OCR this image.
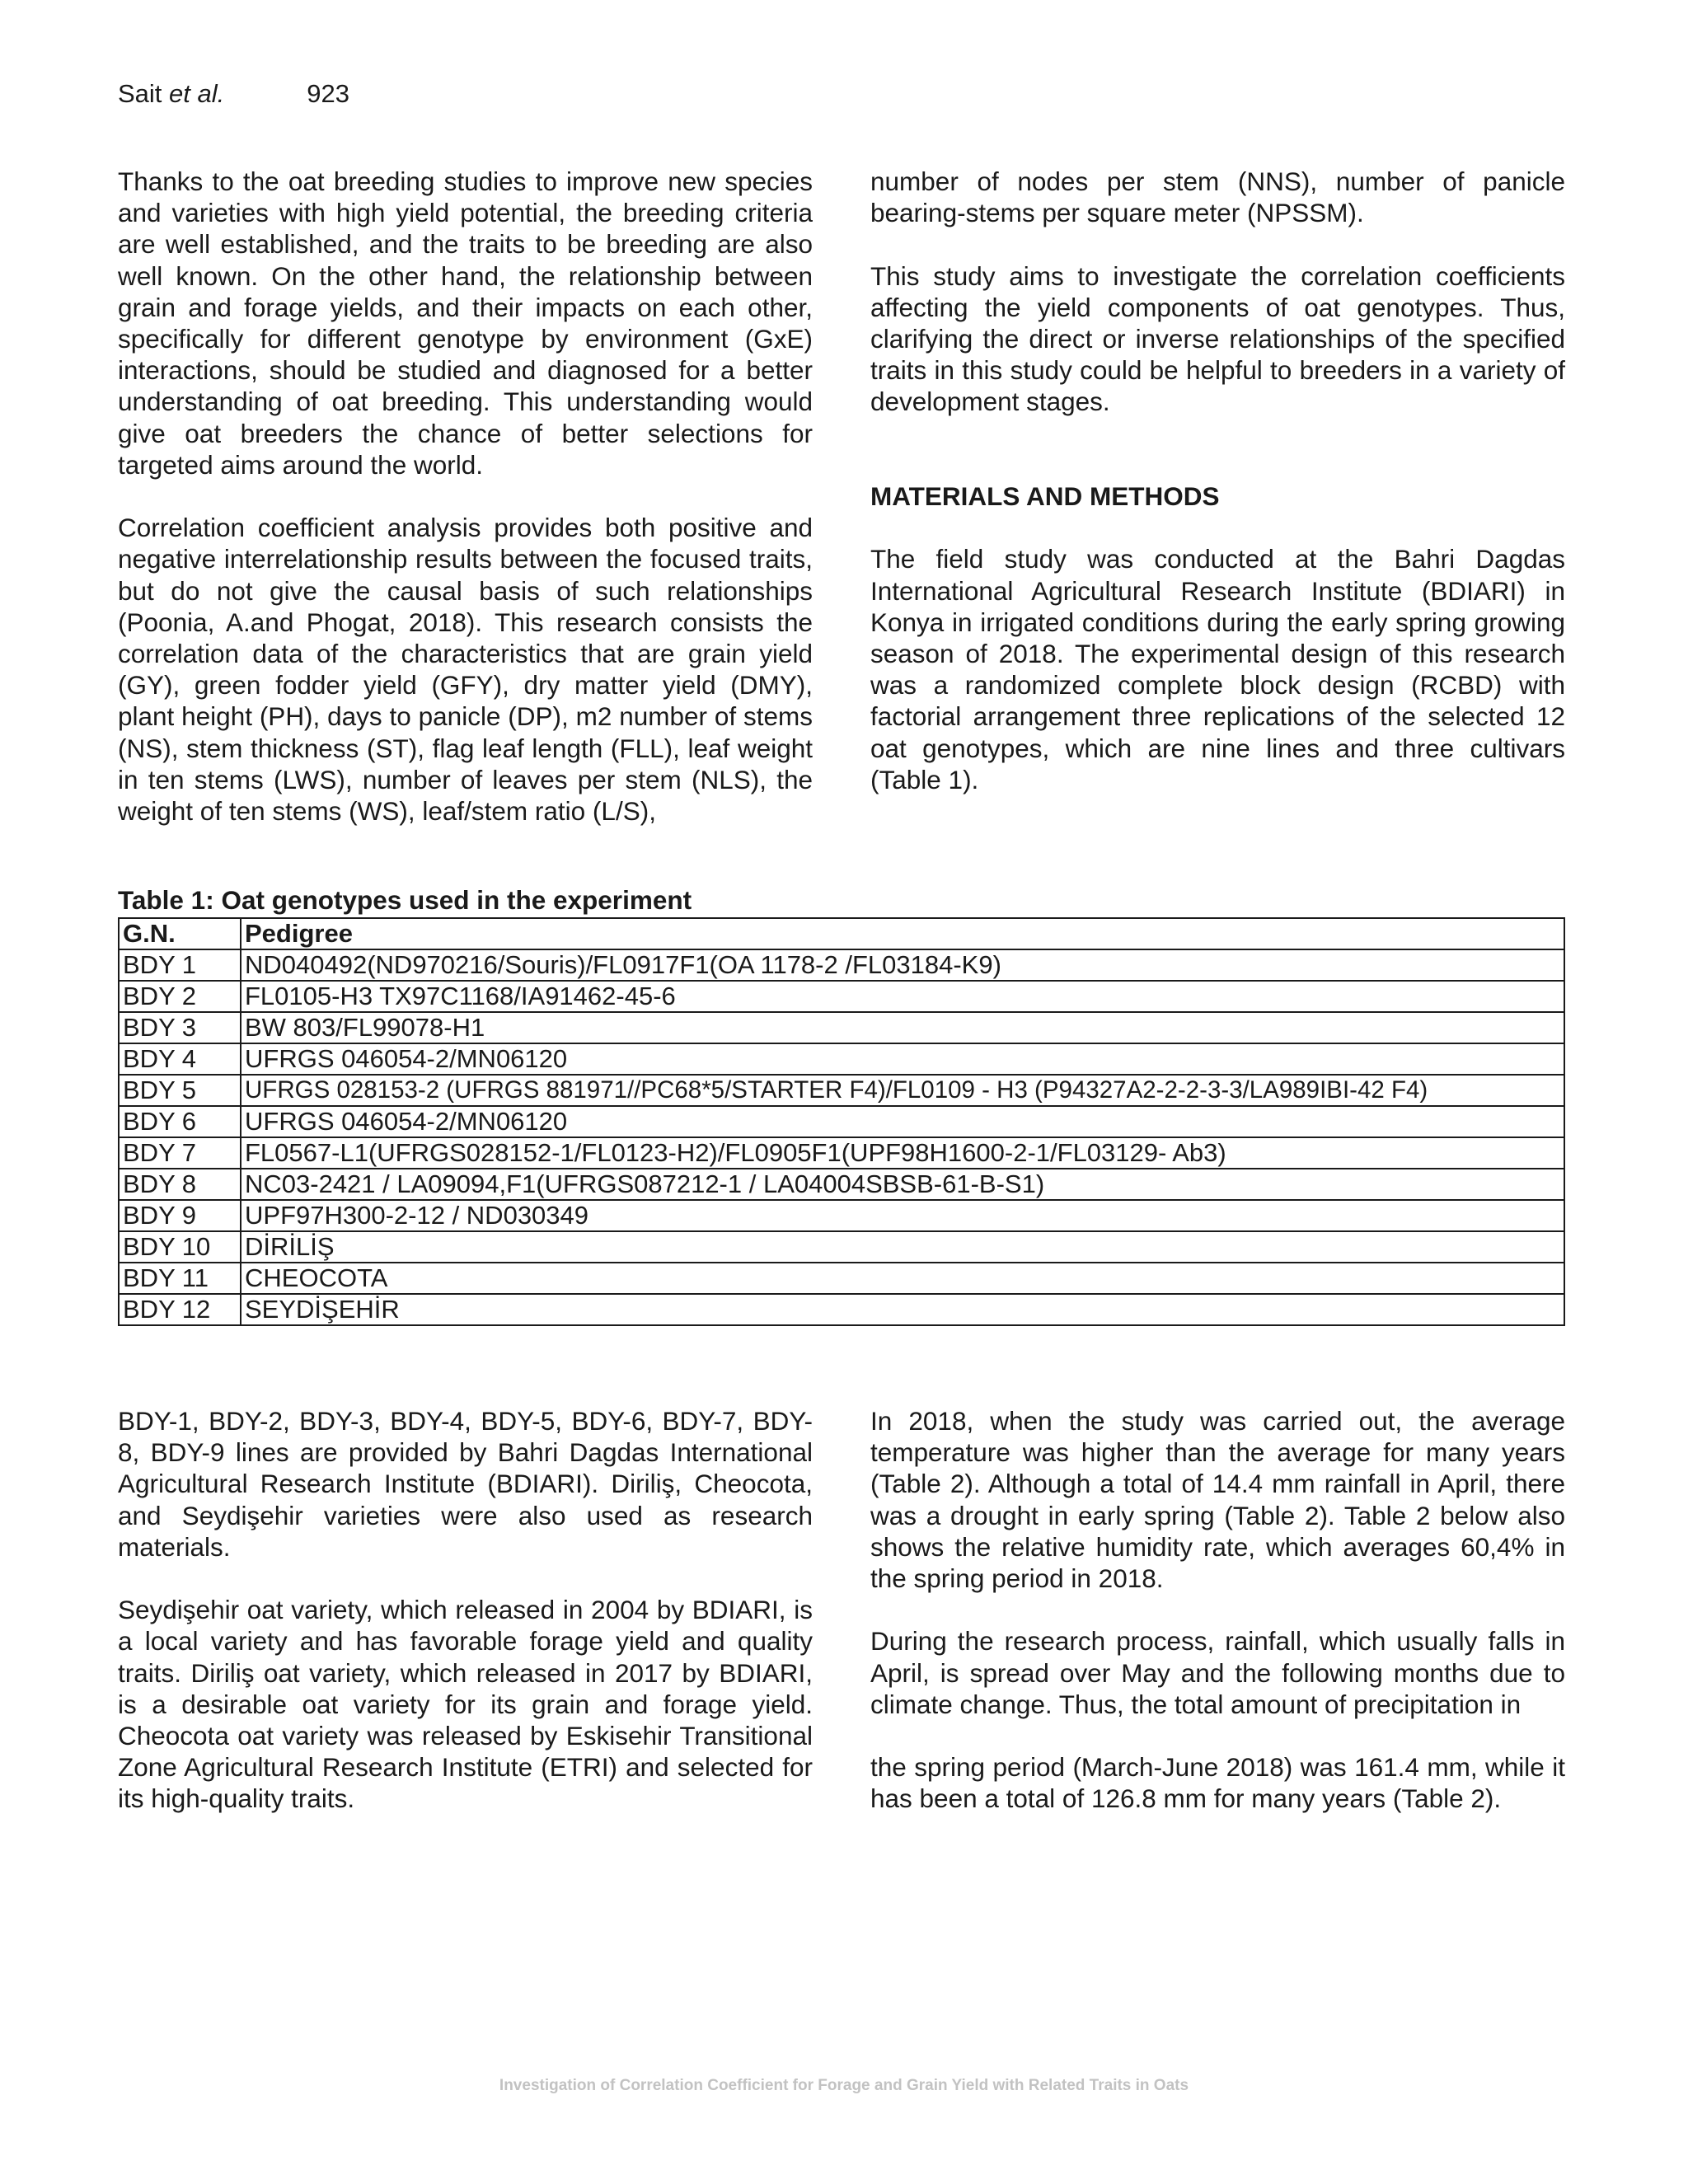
Sait et al.	923

Thanks to the oat breeding studies to improve new species and varieties with high yield potential, the breeding criteria are well established, and the traits to be breeding are also well known. On the other hand, the relationship between grain and forage yields, and their impacts on each other, specifically for different genotype by environment (GxE) interactions, should be studied and diagnosed for a better understanding of oat breeding. This understanding would give oat breeders the chance of better selections for targeted aims around the world.

Correlation coefficient analysis provides both positive and negative interrelationship results between the focused traits, but do not give the causal basis of such relationships (Poonia, A.and Phogat, 2018). This research consists the correlation data of the characteristics that are grain yield (GY), green fodder yield (GFY), dry matter yield (DMY), plant height (PH), days to panicle (DP), m2 number of stems (NS), stem thickness (ST), flag leaf length (FLL), leaf weight in ten stems (LWS), number of leaves per stem (NLS), the weight of ten stems (WS), leaf/stem ratio (L/S),

number of nodes per stem (NNS), number of panicle bearing-stems per square meter (NPSSM).

This study aims to investigate the correlation coefficients affecting the yield components of oat genotypes. Thus, clarifying the direct or inverse relationships of the specified traits in this study could be helpful to breeders in a variety of development stages.

MATERIALS AND METHODS

The field study was conducted at the Bahri Dagdas International Agricultural Research Institute (BDIARI) in Konya in irrigated conditions during the early spring growing season of 2018. The experimental design of this research was a randomized complete block design (RCBD) with factorial arrangement three replications of the selected 12 oat genotypes, which are nine lines and three cultivars (Table 1).

Table 1: Oat genotypes used in the experiment
G.N.	Pedigree
BDY 1	ND040492(ND970216/Souris)/FL0917F1(OA 1178-2 /FL03184-K9)
BDY 2	FL0105-H3 TX97C1168/IA91462-45-6
BDY 3	BW 803/FL99078-H1
BDY 4	UFRGS 046054-2/MN06120
BDY 5	UFRGS 028153-2 (UFRGS 881971//PC68*5/STARTER F4)/FL0109 - H3 (P94327A2-2-2-3-3/LA989IBI-42 F4)
BDY 6	UFRGS 046054-2/MN06120
BDY 7	FL0567-L1(UFRGS028152-1/FL0123-H2)/FL0905F1(UPF98H1600-2-1/FL03129- Ab3)
BDY 8	NC03-2421 / LA09094,F1(UFRGS087212-1 / LA04004SBSB-61-B-S1)
BDY 9	UPF97H300-2-12 / ND030349
BDY 10	DİRİLİŞ
BDY 11	CHEOCOTA
BDY 12	SEYDİŞEHİR

BDY-1, BDY-2, BDY-3, BDY-4, BDY-5, BDY-6, BDY-7, BDY-8, BDY-9 lines are provided by Bahri Dagdas International Agricultural Research Institute (BDIARI). Diriliş, Cheocota, and Seydişehir varieties were also used as research materials.

Seydişehir oat variety, which released in 2004 by BDIARI, is a local variety and has favorable forage yield and quality traits. Diriliş oat variety, which released in 2017 by BDIARI, is a desirable oat variety for its grain and forage yield. Cheocota oat variety was released by Eskisehir Transitional Zone Agricultural Research Institute (ETRI) and selected for its high-quality traits.

In 2018, when the study was carried out, the average temperature was higher than the average for many years (Table 2). Although a total of 14.4 mm rainfall in April, there was a drought in early spring (Table 2). Table 2 below also shows the relative humidity rate, which averages 60,4% in the spring period in 2018.

During the research process, rainfall, which usually falls in April, is spread over May and the following months due to climate change. Thus, the total amount of precipitation in

the spring period (March-June 2018) was 161.4 mm, while it has been a total of 126.8 mm for many years (Table 2).

Investigation of Correlation Coefficient for Forage and Grain Yield with Related Traits in Oats
